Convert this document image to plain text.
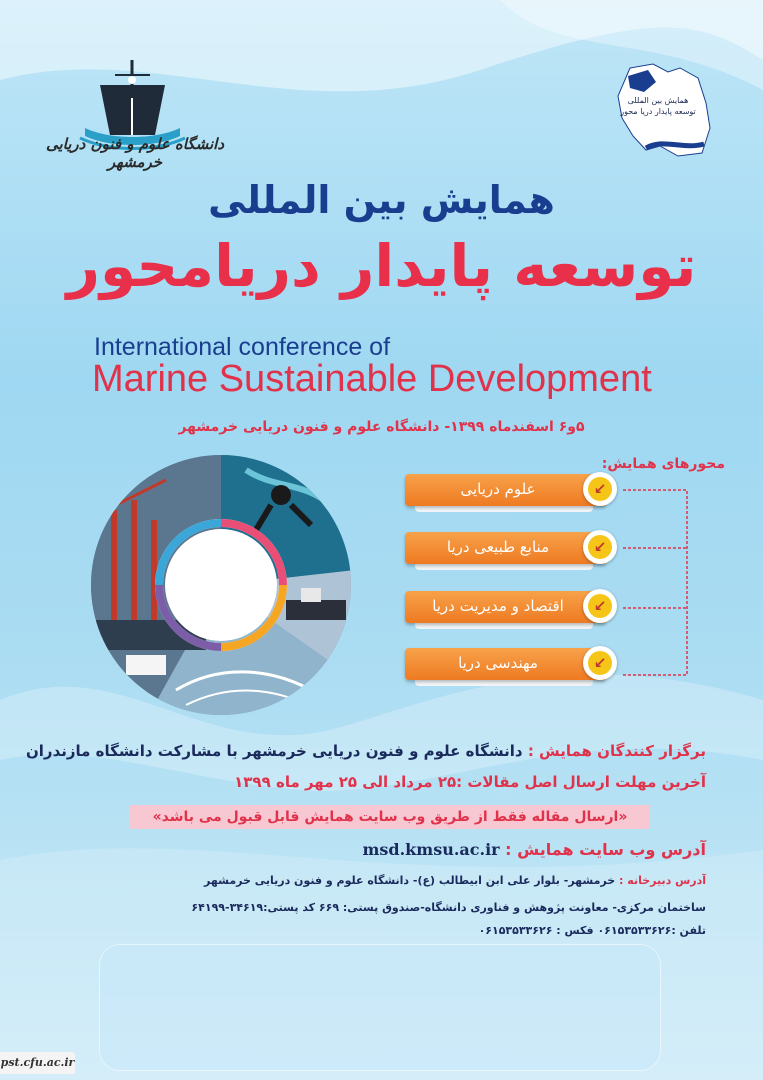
دانشگاه علوم و فنون دریایی خرمشهر
همایش بین المللی توسعه پایدار دریا محور
همایش بین المللی
توسعه پایدار دریامحور
International conference of
Marine Sustainable Development
۵و۶ اسفندماه ۱۳۹۹- دانشگاه علوم و فنون دریایی خرمشهر
محورهای همایش:
علوم دریایی	↙
منابع طبیعی دریا	↙
اقتصاد و مدیریت دریا	↙
مهندسی دریا	↙
برگزار کنندگان همایش : دانشگاه علوم و فنون دریایی خرمشهر با مشارکت دانشگاه مازندران
آخرین مهلت ارسال اصل مقالات :۲۵ مرداد الی ۲۵ مهر ماه ۱۳۹۹
«ارسال مقاله فقط از طریق وب سایت همایش قابل قبول می باشد»
آدرس وب سایت همایش : msd.kmsu.ac.ir
آدرس دبیرخانه : خرمشهر- بلوار علی ابن ابیطالب (ع)- دانشگاه علوم و فنون دریایی خرمشهر
ساختمان مرکزی- معاونت پژوهش و فناوری دانشگاه-صندوق پستی: ۶۶۹ کد پستی:۳۴۶۱۹-۶۴۱۹۹
تلفن :۰۶۱۵۳۵۳۳۶۲۶ فکس : ۰۶۱۵۳۵۳۳۶۲۶
pst.cfu.ac.ir
